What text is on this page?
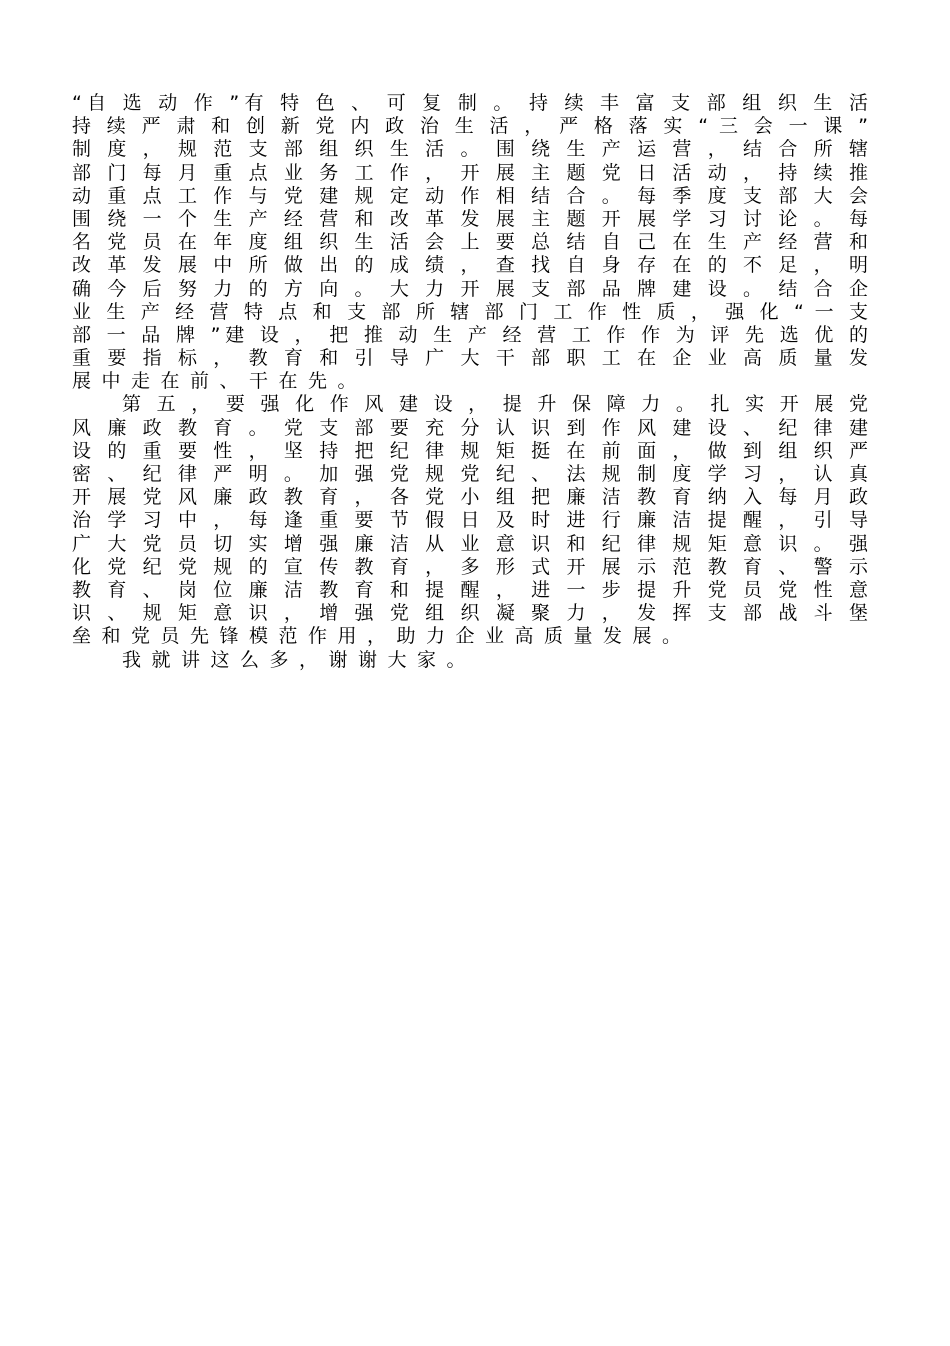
“自 选 动 作 ”有 特 色 、 可 复 制 。 持 续 丰 富 支 部 组 织 生 活
持 续 严 肃 和 创 新 党 内 政 治 生 活 ， 严 格 落 实 “ 三 会 一 课 ”
制 度 ， 规 范 支 部 组 织 生 活 。 围 绕 生 产 运 营 ， 结 合 所 辖
部 门 每 月 重 点 业 务 工 作 ， 开 展 主 题 党 日 活 动 ， 持 续 推
动 重 点 工 作 与 党 建 规 定 动 作 相 结 合 。 每 季 度 支 部 大 会
围 绕 一 个 生 产 经 营 和 改 革 发 展 主 题 开 展 学 习 讨 论 。 每
名 党 员 在 年 度 组 织 生 活 会 上 要 总 结 自 己 在 生 产 经 营 和
改 革 发 展 中 所 做 出 的 成 绩 ， 查 找 自 身 存 在 的 不 足 ， 明
确 今 后 努 力 的 方 向 。 大 力 开 展 支 部 品 牌 建 设 。 结 合 企
业 生 产 经 营 特 点 和 支 部 所 辖 部 门 工 作 性 质 ， 强 化 “ 一 支
部 一 品 牌 ”建 设 ， 把 推 动 生 产 经 营 工 作 作 为 评 先 选 优 的
重 要 指 标 ， 教 育 和 引 导 广 大 干 部 职 工 在 企 业 高 质 量 发
展中走在前、干在先。
第 五 ， 要 强 化 作 风 建 设 ， 提 升 保 障 力 。 扎 实 开 展 党
风 廉 政 教 育 。 党 支 部 要 充 分 认 识 到 作 风 建 设 、 纪 律 建
设 的 重 要 性 ， 坚 持 把 纪 律 规 矩 挺 在 前 面 ， 做 到 组 织 严
密 、 纪 律 严 明 。 加 强 党 规 党 纪 、 法 规 制 度 学 习 ， 认 真
开 展 党 风 廉 政 教 育 ， 各 党 小 组 把 廉 洁 教 育 纳 入 每 月 政
治 学 习 中 ， 每 逢 重 要 节 假 日 及 时 进 行 廉 洁 提 醒 ， 引 导
广 大 党 员 切 实 增 强 廉 洁 从 业 意 识 和 纪 律 规 矩 意 识 。 强
化 党 纪 党 规 的 宣 传 教 育 ， 多 形 式 开 展 示 范 教 育 、 警 示
教 育 、 岗 位 廉 洁 教 育 和 提 醒 ， 进 一 步 提 升 党 员 党 性 意
识 、 规 矩 意 识 ， 增 强 党 组 织 凝 聚 力 ， 发 挥 支 部 战 斗 堡
垒和党员先锋模范作用，助力企业高质量发展。
我就讲这么多，谢谢大家。
